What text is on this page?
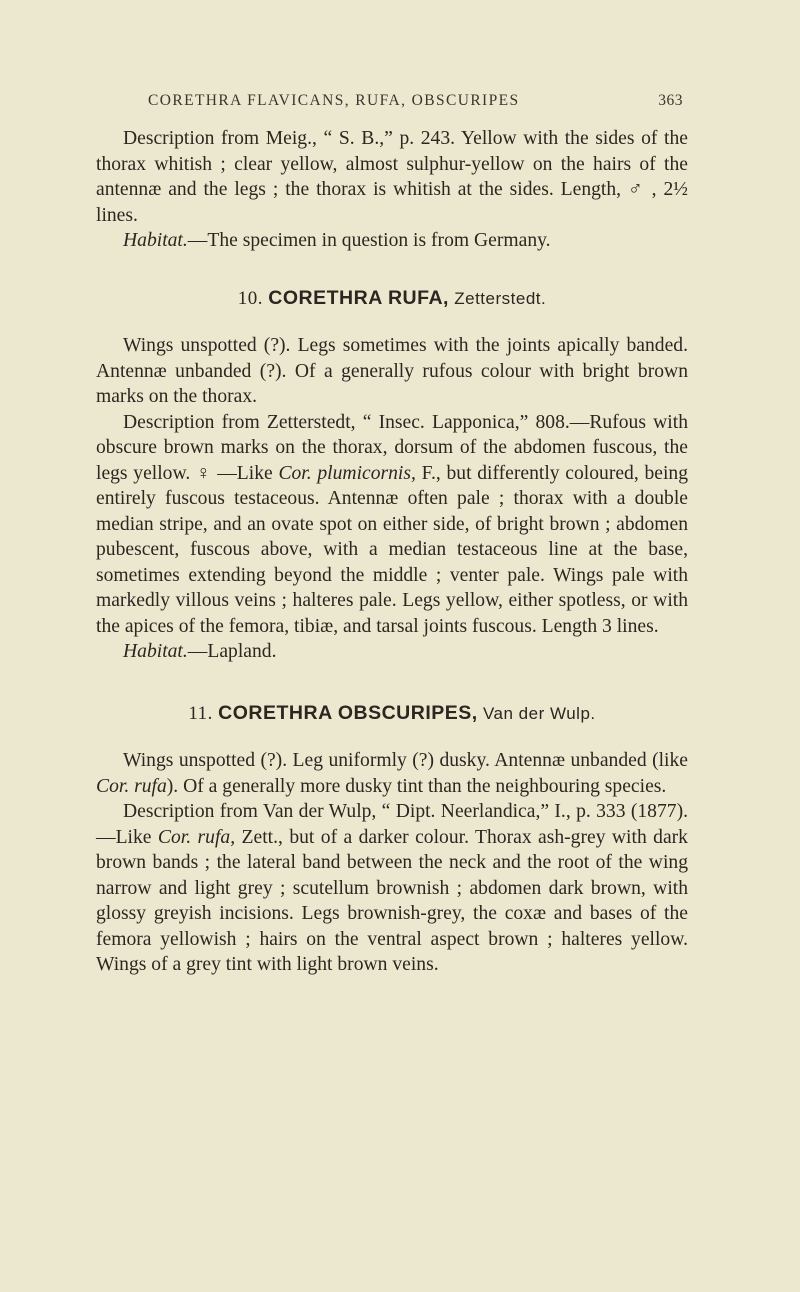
CORETHRA FLAVICANS, RUFA, OBSCURIPES	363

Description from Meig., “ S. B.,” p. 243. Yellow with the sides of the thorax whitish ; clear yellow, almost sulphur-yellow on the hairs of the antennæ and the legs ; the thorax is whitish at the sides. Length, ♂ , 2½ lines.

Habitat.—The specimen in question is from Germany.

10. CORETHRA RUFA, Zetterstedt.

Wings unspotted (?). Legs sometimes with the joints apically banded. Antennæ unbanded (?). Of a generally rufous colour with bright brown marks on the thorax.

Description from Zetterstedt, “ Insec. Lapponica,” 808.—Rufous with obscure brown marks on the thorax, dorsum of the abdomen fuscous, the legs yellow. ♀ —Like Cor. plumicornis, F., but differently coloured, being entirely fuscous testaceous. Antennæ often pale ; thorax with a double median stripe, and an ovate spot on either side, of bright brown ; abdomen pubescent, fuscous above, with a median testaceous line at the base, sometimes extending beyond the middle ; venter pale. Wings pale with markedly villous veins ; halteres pale. Legs yellow, either spotless, or with the apices of the femora, tibiæ, and tarsal joints fuscous. Length 3 lines.

Habitat.—Lapland.

11. CORETHRA OBSCURIPES, Van der Wulp.

Wings unspotted (?). Leg uniformly (?) dusky. Antennæ unbanded (like Cor. rufa). Of a generally more dusky tint than the neighbouring species.

Description from Van der Wulp, “ Dipt. Neerlandica,” I., p. 333 (1877).—Like Cor. rufa, Zett., but of a darker colour. Thorax ash-grey with dark brown bands ; the lateral band between the neck and the root of the wing narrow and light grey ; scutellum brownish ; abdomen dark brown, with glossy greyish incisions. Legs brownish-grey, the coxæ and bases of the femora yellowish ; hairs on the ventral aspect brown ; halteres yellow. Wings of a grey tint with light brown veins.
